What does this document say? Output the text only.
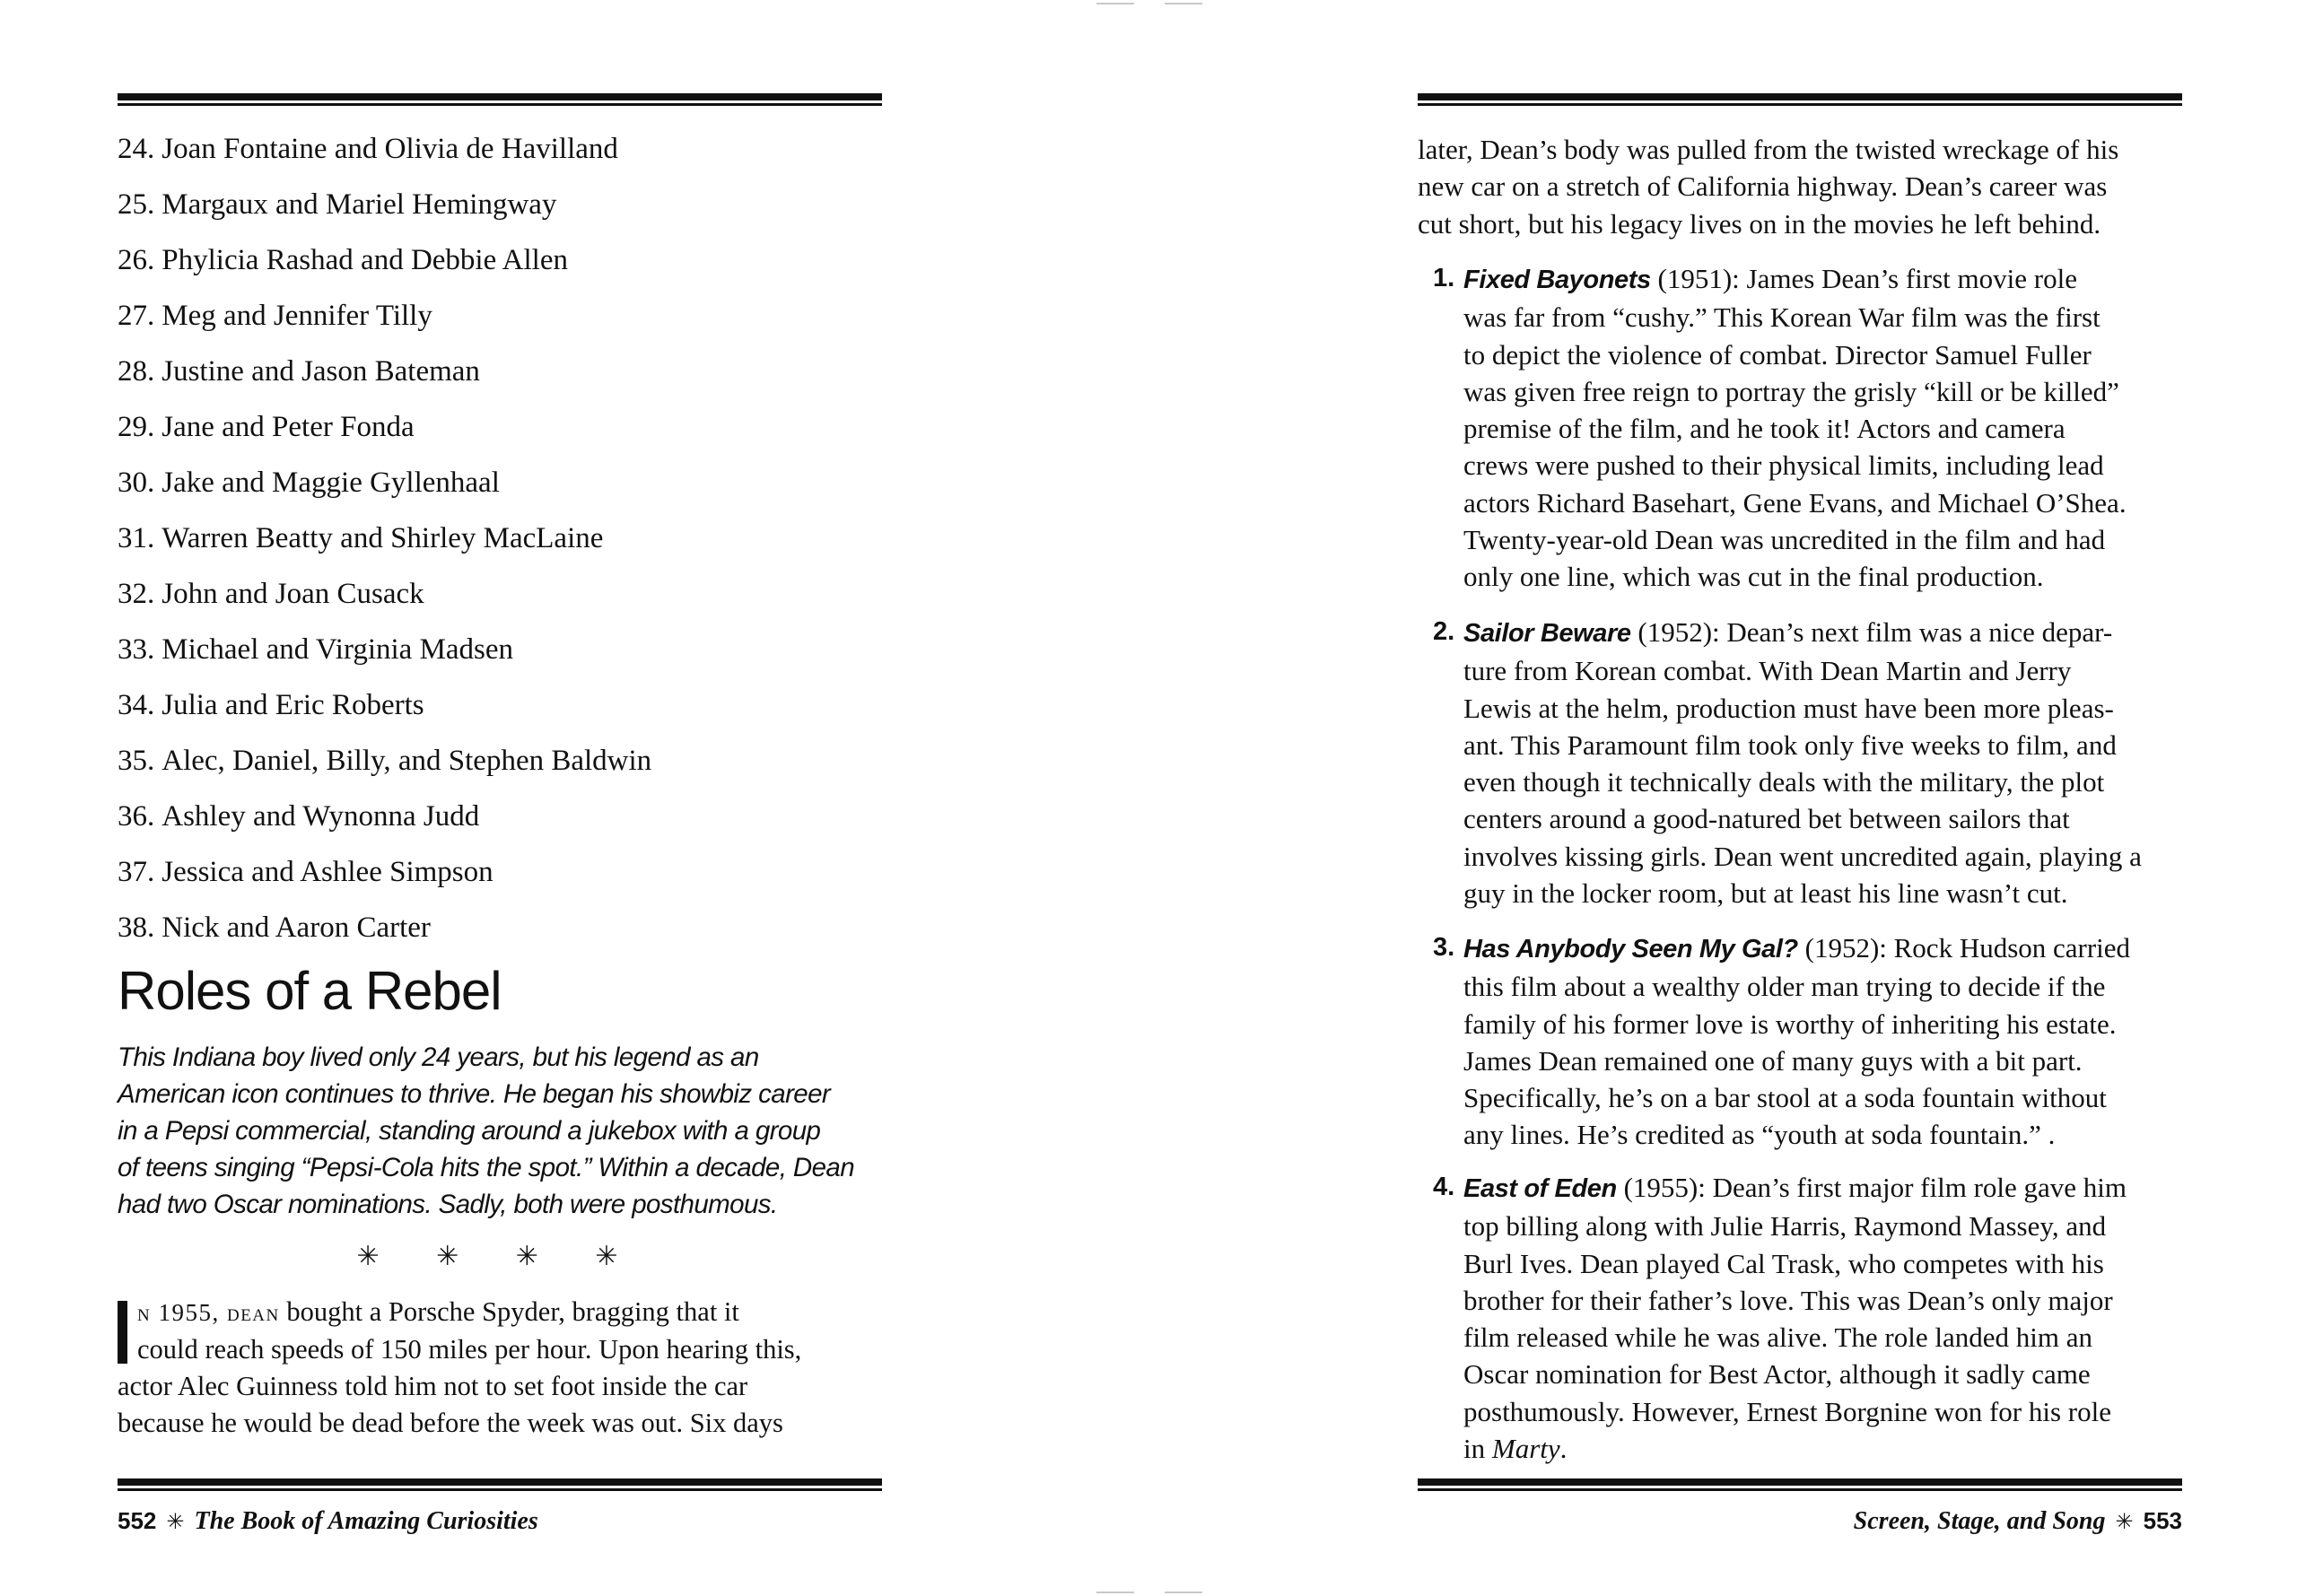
24. Joan Fontaine and Olivia de Havilland
25. Margaux and Mariel Hemingway
26. Phylicia Rashad and Debbie Allen
27. Meg and Jennifer Tilly
28. Justine and Jason Bateman
29. Jane and Peter Fonda
30. Jake and Maggie Gyllenhaal
31. Warren Beatty and Shirley MacLaine
32. John and Joan Cusack
33. Michael and Virginia Madsen
34. Julia and Eric Roberts
35. Alec, Daniel, Billy, and Stephen Baldwin
36. Ashley and Wynonna Judd
37. Jessica and Ashlee Simpson
38. Nick and Aaron Carter
Roles of a Rebel
This Indiana boy lived only 24 years, but his legend as an
American icon continues to thrive. He began his showbiz career
in a Pepsi commercial, standing around a jukebox with a group
of teens singing “Pepsi-Cola hits the spot.” Within a decade, Dean
had two Oscar nominations. Sadly, both were posthumous.
✳ ✳ ✳ ✳
n 1955, dean bought a Porsche Spyder, bragging that it
could reach speeds of 150 miles per hour. Upon hearing this,
actor Alec Guinness told him not to set foot inside the car
because he would be dead before the week was out. Six days
552 ✳ The Book of Amazing Curiosities
later, Dean’s body was pulled from the twisted wreckage of his
new car on a stretch of California highway. Dean’s career was
cut short, but his legacy lives on in the movies he left behind.
1. Fixed Bayonets (1951): James Dean’s first movie role
was far from “cushy.” This Korean War film was the first
to depict the violence of combat. Director Samuel Fuller
was given free reign to portray the grisly “kill or be killed”
premise of the film, and he took it! Actors and camera
crews were pushed to their physical limits, including lead
actors Richard Basehart, Gene Evans, and Michael O’Shea.
Twenty-year-old Dean was uncredited in the film and had
only one line, which was cut in the final production.
2. Sailor Beware (1952): Dean’s next film was a nice depar-
ture from Korean combat. With Dean Martin and Jerry
Lewis at the helm, production must have been more pleas-
ant. This Paramount film took only five weeks to film, and
even though it technically deals with the military, the plot
centers around a good-natured bet between sailors that
involves kissing girls. Dean went uncredited again, playing a
guy in the locker room, but at least his line wasn’t cut.
3. Has Anybody Seen My Gal? (1952): Rock Hudson carried
this film about a wealthy older man trying to decide if the
family of his former love is worthy of inheriting his estate.
James Dean remained one of many guys with a bit part.
Specifically, he’s on a bar stool at a soda fountain without
any lines. He’s credited as “youth at soda fountain.” .
4. East of Eden (1955): Dean’s first major film role gave him
top billing along with Julie Harris, Raymond Massey, and
Burl Ives. Dean played Cal Trask, who competes with his
brother for their father’s love. This was Dean’s only major
film released while he was alive. The role landed him an
Oscar nomination for Best Actor, although it sadly came
posthumously. However, Ernest Borgnine won for his role
in Marty.
Screen, Stage, and Song ✳ 553
